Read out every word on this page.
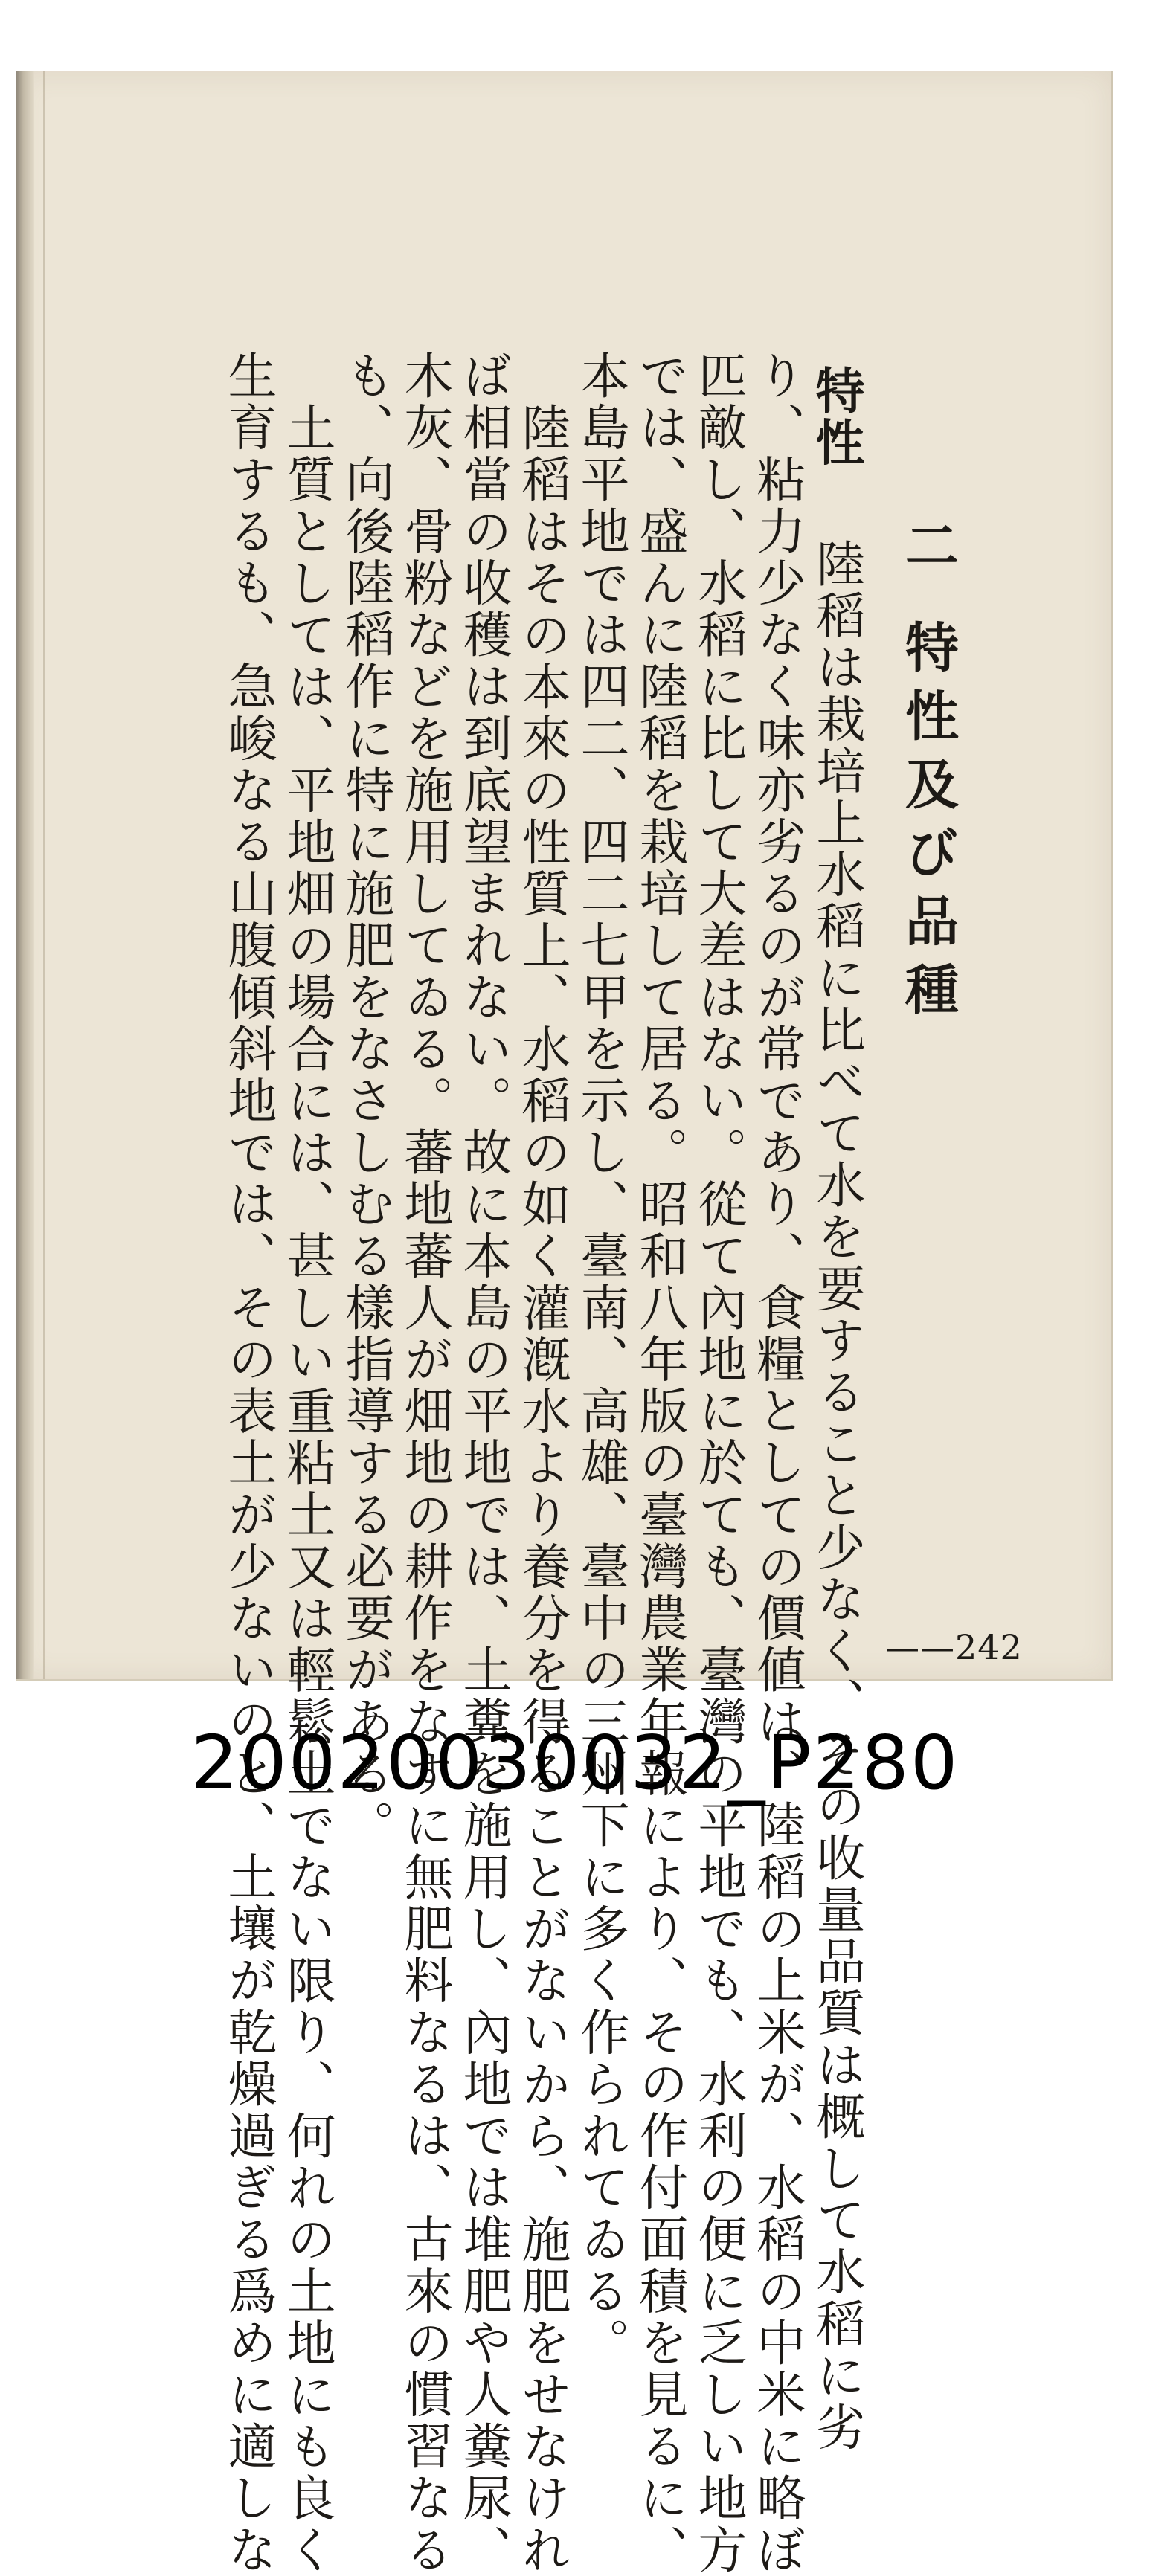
二 特性及び品種
特性　陸稻は栽培上水稻に比べて水を要すること少なく、その收量品質は概して水稻に劣
り、粘力少なく味亦劣るのが常であり、食糧としての價値は、陸稻の上米が、水稻の中米に略ぼ
匹敵し、水稻に比して大差はない。從て內地に於ても、臺灣の平地でも、水利の便に乏しい地方
では、盛んに陸稻を栽培して居る。昭和八年版の臺灣農業年報により、その作付面積を見るに、
本島平地では四二、四二七甲を示し、臺南、高雄、臺中の三州下に多く作られてゐる。
陸稻はその本來の性質上、水稻の如く灌漑水より養分を得ることがないから、施肥をせなけれ
ば相當の收穫は到底望まれない。故に本島の平地では、土糞を施用し、內地では堆肥や人糞尿、
木灰、骨粉などを施用してゐる。蕃地蕃人が畑地の耕作をなすに無肥料なるは、古來の慣習なる
も、向後陸稻作に特に施肥をなさしむる樣指導する必要がある。
土質としては、平地畑の場合には、甚しい重粘土又は輕鬆土でない限り、何れの土地にも良く
生育するも、急峻なる山腹傾斜地では、その表土が少ないのと、土壤が乾燥過ぎる爲めに適しな	——242
20020030032_P280
